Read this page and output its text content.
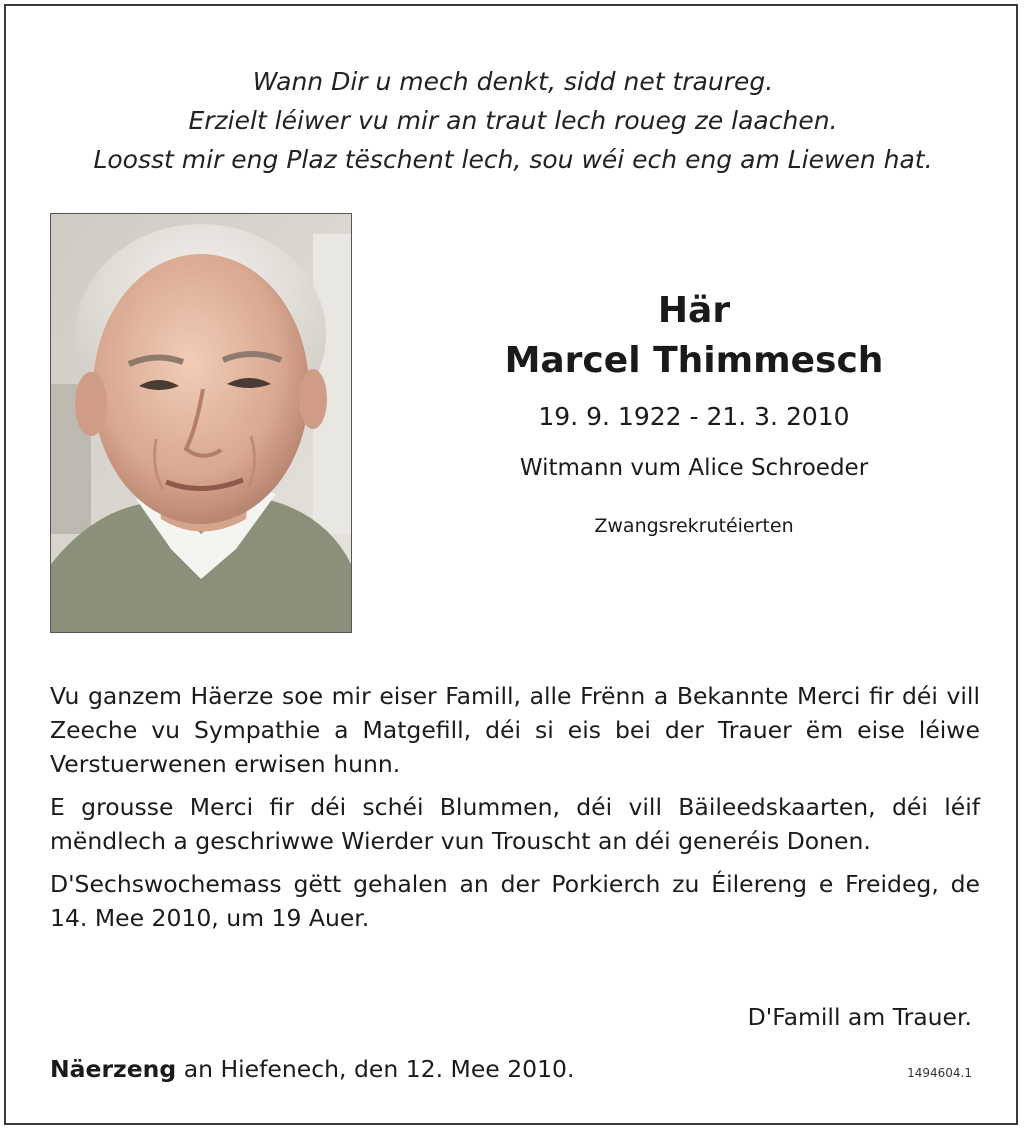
Wann Dir u mech denkt, sidd net traureg.
Erzielt léiwer vu mir an traut lech roueg ze laachen.
Loosst mir eng Plaz tëschent lech, sou wéi ech eng am Liewen hat.
Här
Marcel Thimmesch
19. 9. 1922 - 21. 3. 2010
Witmann vum Alice Schroeder
Zwangsrekrutéierten

Vu ganzem Häerze soe mir eiser Famill, alle Frënn a Bekannte Merci fir déi vill Zeeche vu Sympathie a Matgefill, déi si eis bei der Trauer ëm eise léiwe Verstuerwenen erwisen hunn.

E grousse Merci fir déi schéi Blummen, déi vill Bäileedskaarten, déi léif mëndlech a geschriwwe Wierder vun Trouscht an déi generéis Donen.

D'Sechswochemass gëtt gehalen an der Porkierch zu Éilereng e Freideg, de 14. Mee 2010, um 19 Auer.

D'Famill am Trauer.
Näerzeng an Hiefenech, den 12. Mee 2010.	1494604.1
